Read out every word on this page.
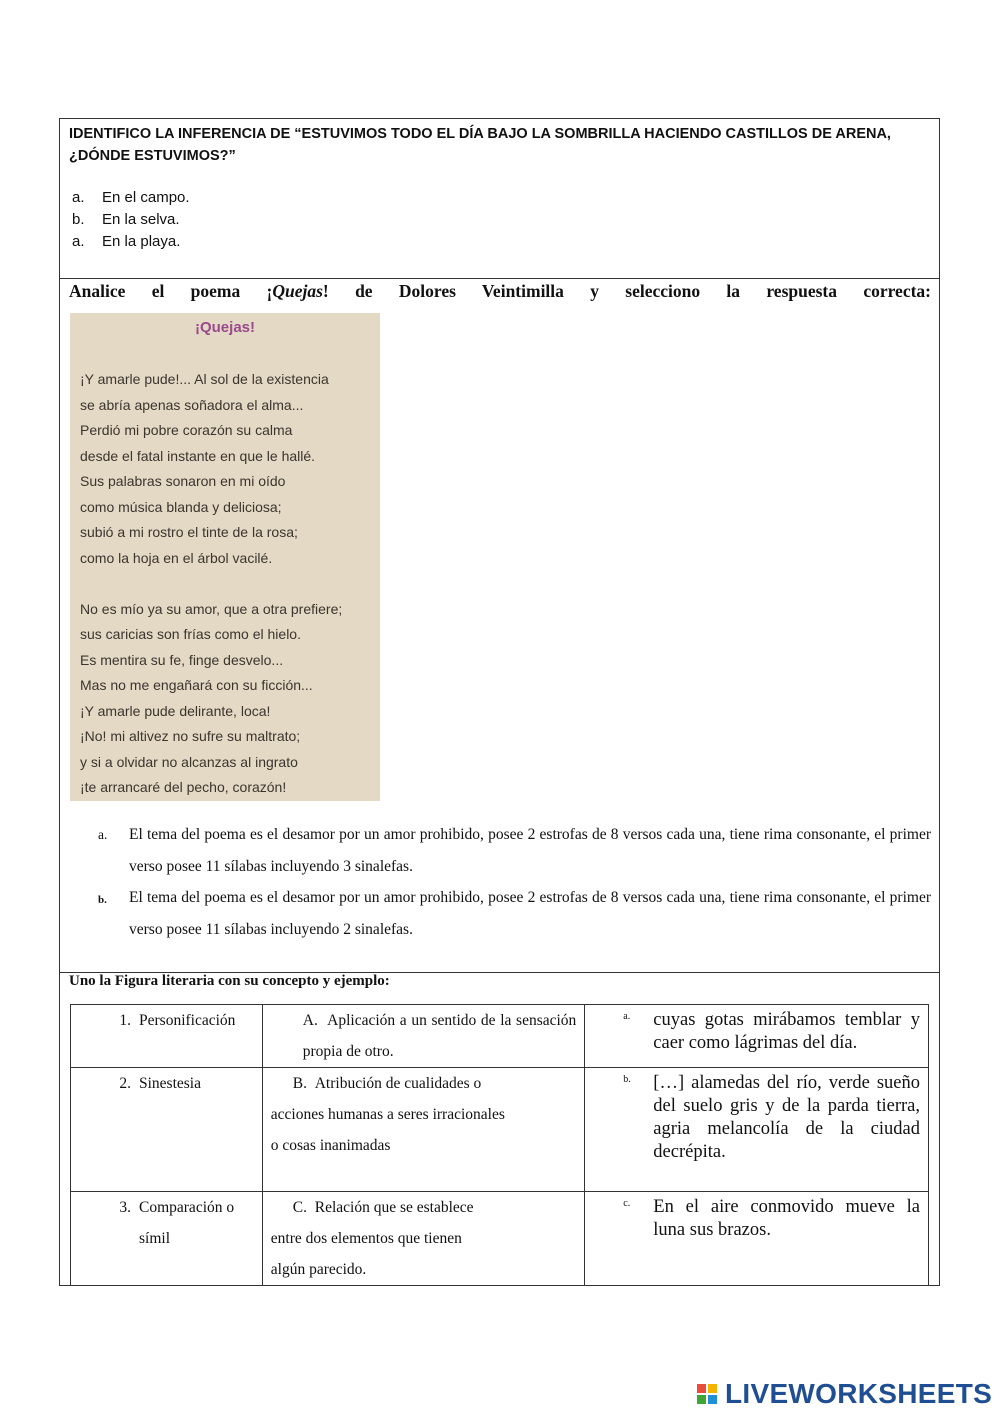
IDENTIFICO LA INFERENCIA DE “ESTUVIMOS TODO EL DÍA BAJO LA SOMBRILLA HACIENDO CASTILLOS DE ARENA, ¿DÓNDE ESTUVIMOS?”
a. En el campo.
b. En la selva.
a. En la playa.
Analice el poema ¡Quejas! de Dolores Veintimilla y selecciono la respuesta correcta:
¡Quejas!
¡Y amarle pude!... Al sol de la existencia
se abría apenas soñadora el alma...
Perdió mi pobre corazón su calma
desde el fatal instante en que le hallé.
Sus palabras sonaron en mi oído
como música blanda y deliciosa;
subió a mi rostro el tinte de la rosa;
como la hoja en el árbol vacilé.
No es mío ya su amor, que a otra prefiere;
sus caricias son frías como el hielo.
Es mentira su fe, finge desvelo...
Mas no me engañará con su ficción...
¡Y amarle pude delirante, loca!
¡No! mi altivez no sufre su maltrato;
y si a olvidar no alcanzas al ingrato
¡te arrancaré del pecho, corazón!
a. El tema del poema es el desamor por un amor prohibido, posee 2 estrofas de 8 versos cada una, tiene rima consonante, el primer verso posee 11 sílabas incluyendo 3 sinalefas.
b. El tema del poema es el desamor por un amor prohibido, posee 2 estrofas de 8 versos cada una, tiene rima consonante, el primer verso posee 11 sílabas incluyendo 2 sinalefas.
Uno la Figura literaria con su concepto y ejemplo:
1. Personificación	A. Aplicación a un sentido de la sensación propia de otro.	a. cuyas gotas mirábamos temblar y caer como lágrimas del día.

2. Sinestesia	B. Atribución de cualidades o acciones humanas a seres irracionales o cosas inanimadas	b. […] alamedas del río, verde sueño del suelo gris y de la parda tierra, agria melancolía de la ciudad decrépita.

3. Comparación o símil	C. Relación que se establece entre dos elementos que tienen algún parecido.	c. En el aire conmovido mueve la luna sus brazos.
LIVEWORKSHEETS
